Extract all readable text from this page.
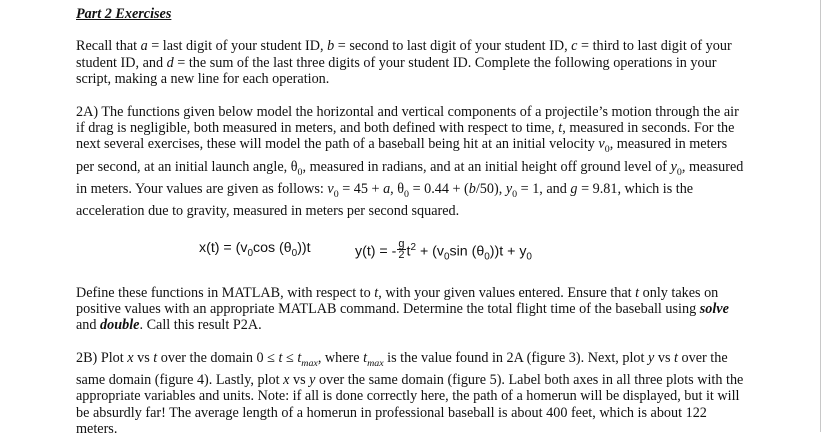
Part 2 Exercises

Recall that a = last digit of your student ID, b = second to last digit of your student ID, c = third to last digit of your student ID, and d = the sum of the last three digits of your student ID. Complete the following operations in your script, making a new line for each operation.

2A) The functions given below model the horizontal and vertical components of a projectile’s motion through the air if drag is negligible, both measured in meters, and both defined with respect to time, t, measured in seconds. For the next several exercises, these will model the path of a baseball being hit at an initial velocity $v_0$, measured in meters per second, at an initial launch angle, $\theta_0$, measured in radians, and at an initial height off ground level of $y_0$, measured in meters. Your values are given as follows: $v_0 = 45 + a$, $\theta_0 = 0.44 + (b/50)$, $y_0 = 1$, and g = 9.81, which is the acceleration due to gravity, measured in meters per second squared.

$x(t) = (v_0\cos$ $(\theta_0))t$	y(t) = - $\frac{g}{2} t^2 + (v_0\sin$ $(\theta_0))t + y_0$

Define these functions in MATLAB, with respect to t, with your given values entered. Ensure that t only takes on positive values with an appropriate MATLAB command. Determine the total flight time of the baseball using solve and double. Call this result P2A.

2B) Plot x vs t over the domain $0 \le t \le t_{max}$, where $t_{max}$ is the value found in 2A (figure 3). Next, plot y vs t over the same domain (figure 4). Lastly, plot x vs y over the same domain (figure 5). Label both axes in all three plots with the appropriate variables and units. Note: if all is done correctly here, the path of a homerun will be displayed, but it will be absurdly far! The average length of a homerun in professional baseball is about 400 feet, which is about 122 meters.
